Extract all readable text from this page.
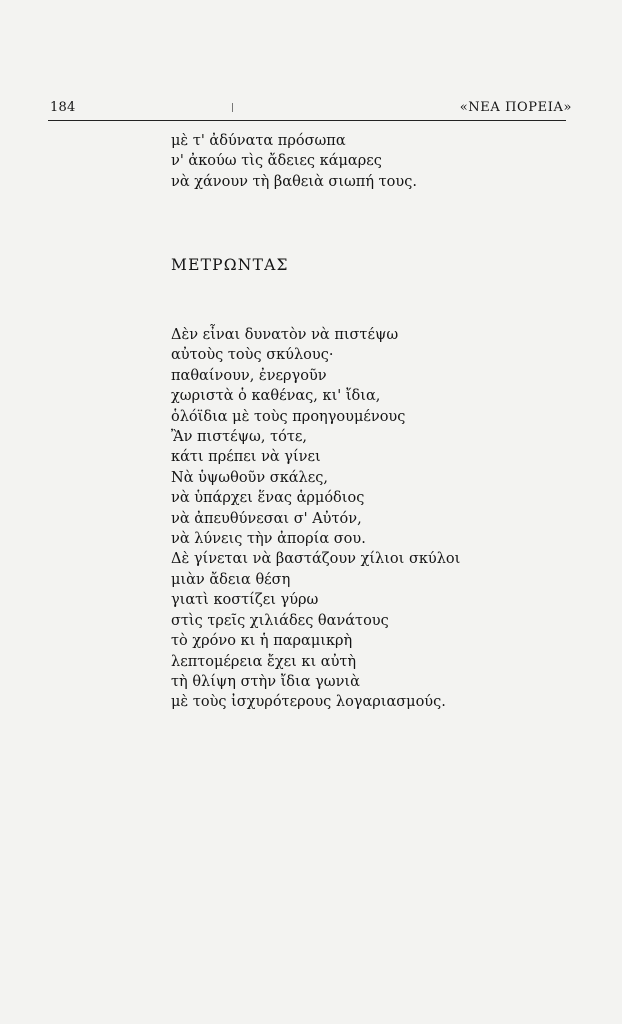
184	«ΝΕΑ ΠΟΡΕΙΑ»
μὲ τ' ἀδύνατα πρόσωπα
ν' ἀκούω τὶς ἄδειες κάμαρες
νὰ χάνουν τὴ βαθειὰ σιωπή τους.
ΜΕΤΡΩΝΤΑΣ
Δὲν εἶναι δυνατὸν νὰ πιστέψω
αὐτοὺς τοὺς σκύλους·
παθαίνουν, ἐνεργοῦν
χωριστὰ ὁ καθένας, κι' ἴδια,
ὁλόϊδια μὲ τοὺς προηγουμένους
Ἂν πιστέψω, τότε,
κάτι πρέπει νὰ γίνει
Νὰ ὑψωθοῦν σκάλες,
νὰ ὑπάρχει ἕνας ἁρμόδιος
νὰ ἀπευθύνεσαι σ' Αὐτόν,
νὰ λύνεις τὴν ἀπορία σου.
Δὲ γίνεται νὰ βαστάζουν χίλιοι σκύλοι
μιὰν ἄδεια θέση
γιατὶ κοστίζει γύρω
στὶς τρεῖς χιλιάδες θανάτους
τὸ χρόνο κι ἡ παραμικρὴ
λεπτομέρεια ἔχει κι αὐτὴ
τὴ θλίψη στὴν ἴδια γωνιὰ
μὲ τοὺς ἰσχυρότερους λογαριασμούς.
